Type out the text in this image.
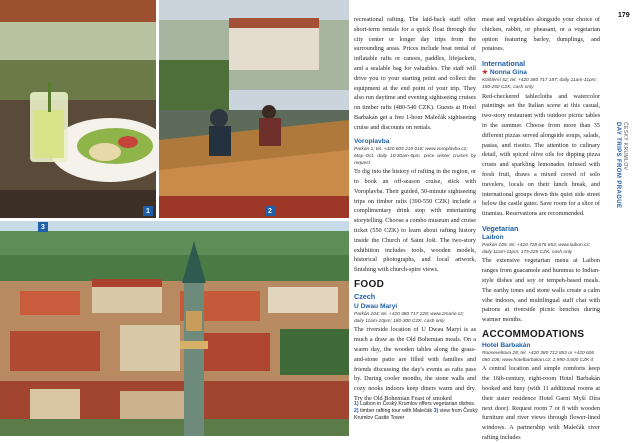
1	2
3
1) Laibon in Český Krumlov offers vegetarian dishes. 2) timber rafting tour with Malečák 3) view from Český Krumlov Castle Tower

recreational rafting. The laid-back staff offer short-term rentals for a quick float through the city center or longer day trips from the surrounding areas. Prices include boat rental of inflatable rafts or canoes, paddles, lifejackets, and a sealable bag for valuables. The staff will drive you to your starting point and collect the equipment at the end point of your trip. They also run daytime and evening sightseeing cruises on timber rafts (480-540 CZK). Guests at Hotel Barbakán get a free 1-hour Malečák sightseeing cruise and discounts on rentals.

Voroplavba
Parkán 1; tel. +420 605 219 018; www.voroplavba.cz;
May.-Oct. daily 10:30am-6pm, price winter cruises by request

To dig into the history of rafting in the region, or to book an off-season cruise, stick with Voroplavba. Their guided, 50-minute sightseeing trips on timber rafts (390-550 CZK) include a complimentary drink stop with entertaining storytelling. Choose a combo museum and cruise ticket (550 CZK) to learn about rafting history inside the Church of Saint Jošt. The two-story exhibition includes tools, wooden models, historical photographs, and local artwork, finishing with church-spire views.

FOOD
Czech
U Dwau Maryí
Parkán 104; tel. +420 380 717 228; www.2marie.cz;
daily 11am-10pm; 180-300 CZK, cash only

The riverside location of U Dwau Maryí is as much a draw as the Old Bohemian meals. On a warm day, the wooden tables along the grass-and-stone patio are filled with families and friends discussing the day's events as rafts pass by. During cooler months, the stone walls and cozy nooks indoors keep diners warm and dry. Try the Old Bohemian Feast of smoked

meat and vegetables alongside your choice of chicken, rabbit, or pheasant, or a vegetarian option featuring barley, dumplings, and potatoes.

International
★ Nonna Gina
Klášterní 52; tel. +420 380 717 187; daily 11am-11pm;
150-250 CZK, cash only

Red-checkered tablecloths and watercolor paintings set the Italian scene at this casual, two-story restaurant with outdoor picnic tables in the summer. Choose from more than 35 different pizzas served alongside soups, salads, pastas, and risotto. The attention to culinary detail, with spiced olive oils for dipping pizza crusts and sparkling lemonades infused with fresh fruit, draws a mixed crowd of solo travelers, locals on their lunch break, and international groups down this quiet side street below the castle gates. Save room for a slice of tiramisu. Reservations are recommended.

Vegetarian
Laibon
Parkán 105; tel. +420 728 676 654; www.laibon.cz;
daily 11am-11pm; 175-225 CZK, cash only

The extensive vegetarian menu at Laibon ranges from guacamole and hummus to Indian-style dishes and soy or tempeh-based meals. The earthy tones and stone walls create a calm vibe indoors, and multilingual staff chat with patrons at riverside picnic benches during warmer months.

ACCOMMODATIONS
Hotel Barbakán
Rooseveltova 28; tel. +420 380 712 853 or +420 606
050 106; www.hotelbarbakan.cz; 1,990-3,600 CZK d

A central location and simple comforts keep the 16th-century, eight-room Hotel Barbakán booked and busy (with 11 additional rooms at their sister residence Hotel Garni Myší Díra next door). Request room 7 or 8 with wooden furniture and river views through flower-lined windows. A partnership with Malečák river rafting includes

179
DAY TRIPS FROM PRAGUE ČESKÝ KRUMLOV
